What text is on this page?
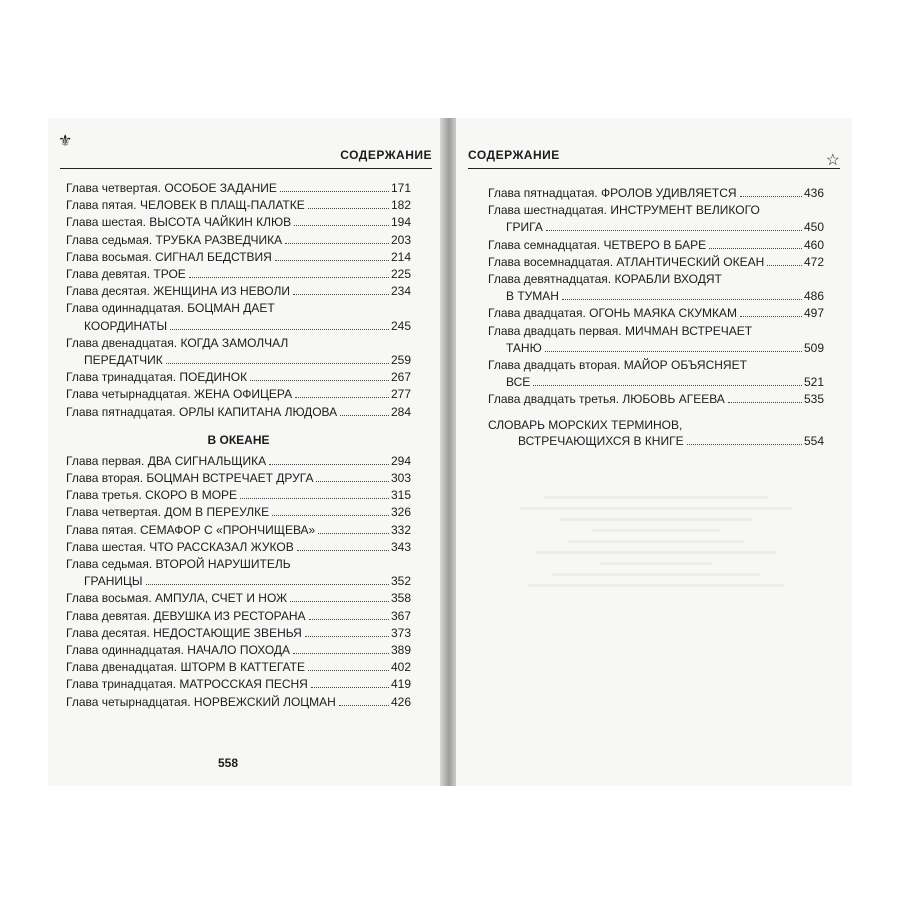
⚜
СОДЕРЖАНИЕ
Глава четвертая. ОСОБОЕ ЗАДАНИЕ	171
Глава пятая. ЧЕЛОВЕК В ПЛАЩ-ПАЛАТКЕ	182
Глава шестая. ВЫСОТА ЧАЙКИН КЛЮВ	194
Глава седьмая. ТРУБКА РАЗВЕДЧИКА	203
Глава восьмая. СИГНАЛ БЕДСТВИЯ	214
Глава девятая. ТРОЕ	225
Глава десятая. ЖЕНЩИНА ИЗ НЕВОЛИ	234
Глава одиннадцатая. БОЦМАН ДАЕТ
КООРДИНАТЫ	245
Глава двенадцатая. КОГДА ЗАМОЛЧАЛ
ПЕРЕДАТЧИК	259
Глава тринадцатая. ПОЕДИНОК	267
Глава четырнадцатая. ЖЕНА ОФИЦЕРА	277
Глава пятнадцатая. ОРЛЫ КАПИТАНА ЛЮДОВА	284
В ОКЕАНЕ
Глава первая. ДВА СИГНАЛЬЩИКА	294
Глава вторая. БОЦМАН ВСТРЕЧАЕТ ДРУГА	303
Глава третья. СКОРО В МОРЕ	315
Глава четвертая. ДОМ В ПЕРЕУЛКЕ	326
Глава пятая. СЕМАФОР С «ПРОНЧИЩЕВА»	332
Глава шестая. ЧТО РАССКАЗАЛ ЖУКОВ	343
Глава седьмая. ВТОРОЙ НАРУШИТЕЛЬ
ГРАНИЦЫ	352
Глава восьмая. АМПУЛА, СЧЕТ И НОЖ	358
Глава девятая. ДЕВУШКА ИЗ РЕСТОРАНА	367
Глава десятая. НЕДОСТАЮЩИЕ ЗВЕНЬЯ	373
Глава одиннадцатая. НАЧАЛО ПОХОДА	389
Глава двенадцатая. ШТОРМ В КАТТЕГАТЕ	402
Глава тринадцатая. МАТРОССКАЯ ПЕСНЯ	419
Глава четырнадцатая. НОРВЕЖСКИЙ ЛОЦМАН	426
558
СОДЕРЖАНИЕ	☆
Глава пятнадцатая. ФРОЛОВ УДИВЛЯЕТСЯ	436
Глава шестнадцатая. ИНСТРУМЕНТ ВЕЛИКОГО
ГРИГА	450
Глава семнадцатая. ЧЕТВЕРО В БАРЕ	460
Глава восемнадцатая. АТЛАНТИЧЕСКИЙ ОКЕАН	472
Глава девятнадцатая. КОРАБЛИ ВХОДЯТ
В ТУМАН	486
Глава двадцатая. ОГОНЬ МАЯКА СКУМКАМ	497
Глава двадцать первая. МИЧМАН ВСТРЕЧАЕТ
ТАНЮ	509
Глава двадцать вторая. МАЙОР ОБЪЯСНЯЕТ
ВСЕ	521
Глава двадцать третья. ЛЮБОВЬ АГЕЕВА	535
СЛОВАРЬ МОРСКИХ ТЕРМИНОВ,
ВСТРЕЧАЮЩИХСЯ В КНИГЕ	554
